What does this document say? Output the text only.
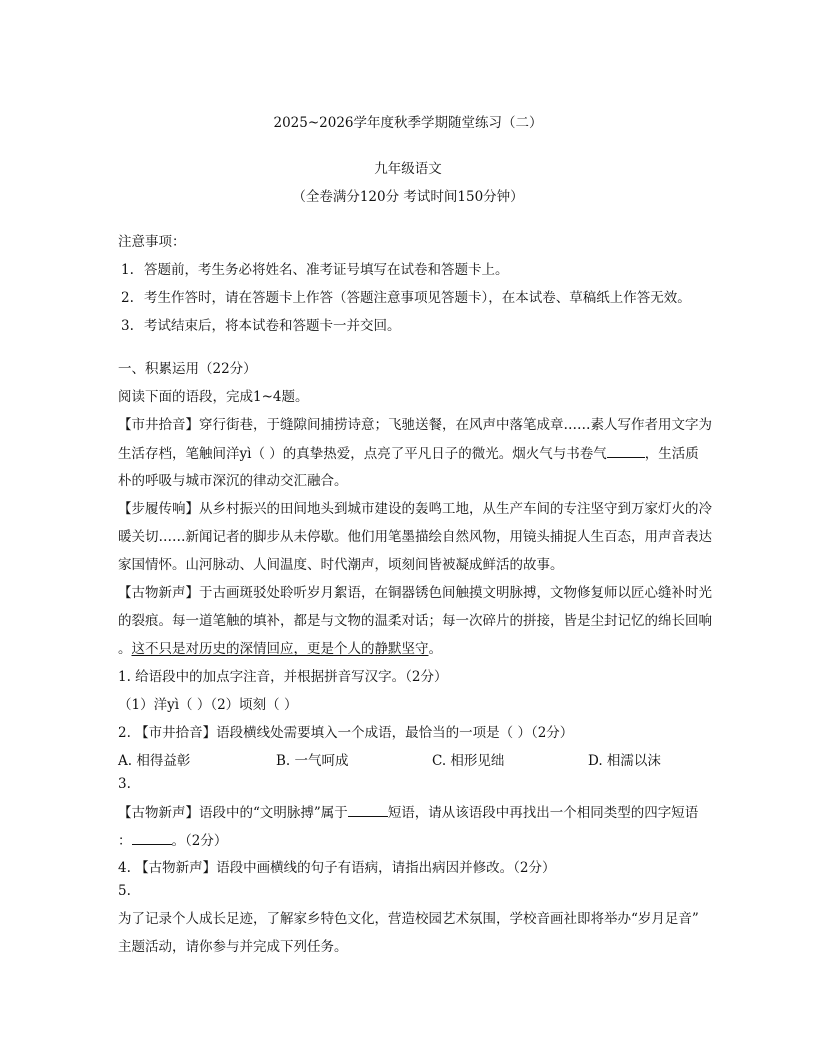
2025~2026学年度秋季学期随堂练习（二）
九年级语文
（全卷满分120分 考试时间150分钟）
注意事项：
1. 答题前，考生务必将姓名、准考证号填写在试卷和答题卡上。
2. 考生作答时，请在答题卡上作答（答题注意事项见答题卡），在本试卷、草稿纸上作答无效。
3. 考试结束后，将本试卷和答题卡一并交回。
一、积累运用（22分）
阅读下面的语段，完成1~4题。
【市井拾音】穿行街巷，于缝隙间捕捞诗意；飞驰送餐，在风声中落笔成章……素人写作者用文字为
生活存档，笔触间洋yì（ ）的真挚热爱，点亮了平凡日子的微光。烟火气与书卷气	，生活质
朴的呼吸与城市深沉的律动交汇融合。
【步履传响】从乡村振兴的田间地头到城市建设的轰鸣工地，从生产车间的专注坚守到万家灯火的冷
暖关切……新闻记者的脚步从未停歇。他们用笔墨描绘自然风物，用镜头捕捉人生百态，用声音表达
家国情怀。山河脉动、人间温度、时代潮声，顷刻间皆被凝成鲜活的故事。
【古物新声】于古画斑驳处聆听岁月絮语，在铜器锈色间触摸文明脉搏，文物修复师以匠心缝补时光
的裂痕。每一道笔触的填补，都是与文物的温柔对话；每一次碎片的拼接，皆是尘封记忆的绵长回响
。这不只是对历史的深情回应，更是个人的静默坚守。
1. 给语段中的加点字注音，并根据拼音写汉字。（2分）
（1）洋yì（ ）（2）顷刻（ ）
2. 【市井拾音】语段横线处需要填入一个成语，最恰当的一项是（ ）（2分）
A. 相得益彰	B. 一气呵成	C. 相形见绌	D. 相濡以沫
3.
【古物新声】语段中的“文明脉搏”属于	短语，请从该语段中再找出一个相同类型的四字短语
：	。（2分）
4. 【古物新声】语段中画横线的句子有语病，请指出病因并修改。（2分）
5.
为了记录个人成长足迹，了解家乡特色文化，营造校园艺术氛围，学校音画社即将举办“岁月足音”
主题活动，请你参与并完成下列任务。
